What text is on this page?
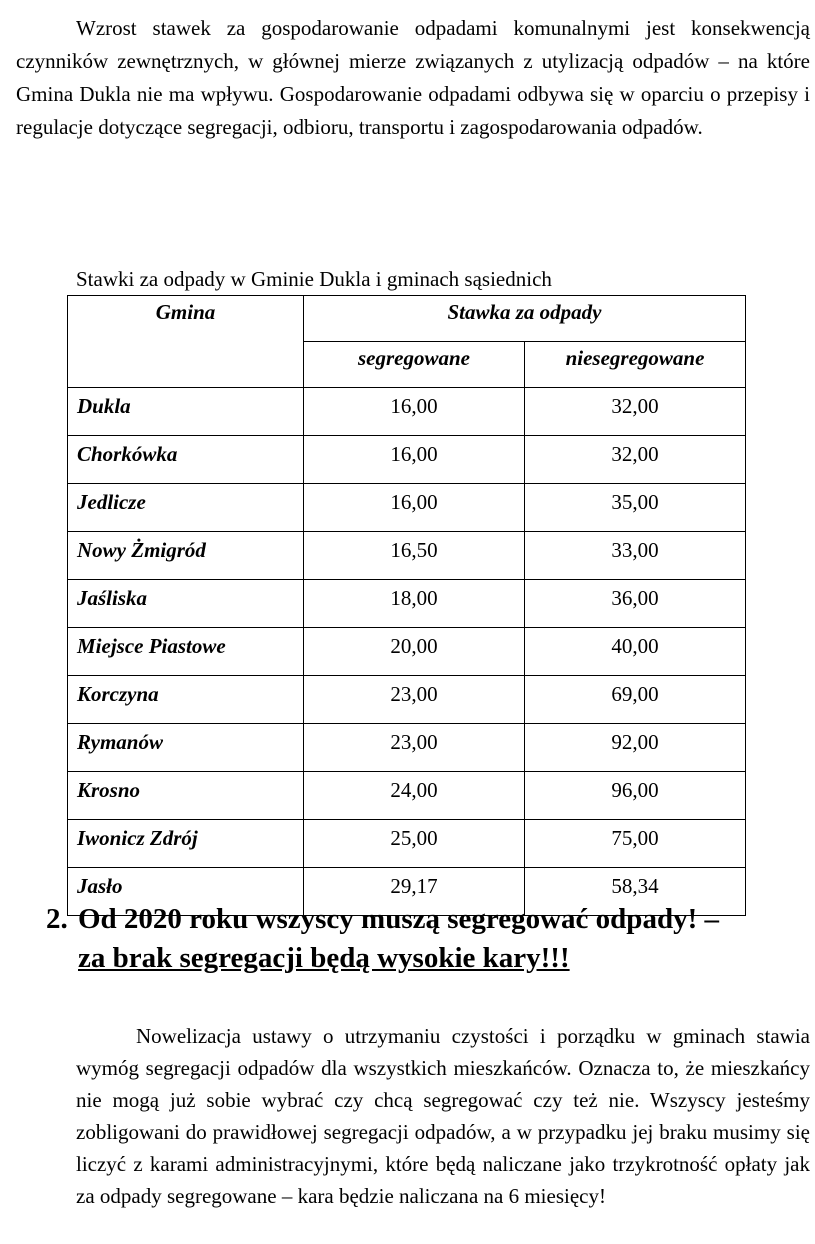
Wzrost stawek za gospodarowanie odpadami komunalnymi jest konsekwencją czynników zewnętrznych, w głównej mierze związanych z utylizacją odpadów – na które Gmina Dukla nie ma wpływu. Gospodarowanie odpadami odbywa się w oparciu o przepisy i regulacje dotyczące segregacji, odbioru, transportu i zagospodarowania odpadów.

Stawki za odpady w Gminie Dukla i gminach sąsiednich

Gmina	Stawka za odpady	
	segregowane	niesegregowane
Dukla	16,00	32,00
Chorkówka	16,00	32,00
Jedlicze	16,00	35,00
Nowy Żmigród	16,50	33,00
Jaśliska	18,00	36,00
Miejsce Piastowe	20,00	40,00
Korczyna	23,00	69,00
Rymanów	23,00	92,00
Krosno	24,00	96,00
Iwonicz Zdrój	25,00	75,00
Jasło	29,17	58,34
2. Od 2020 roku wszyscy muszą segregować odpady! –
za brak segregacji będą wysokie kary!!!

Nowelizacja ustawy o utrzymaniu czystości i porządku w gminach stawia wymóg segregacji odpadów dla wszystkich mieszkańców. Oznacza to, że mieszkańcy nie mogą już sobie wybrać czy chcą segregować czy też nie. Wszyscy jesteśmy zobligowani do prawidłowej segregacji odpadów, a w przypadku jej braku musimy się liczyć z karami administracyjnymi, które będą naliczane jako trzykrotność opłaty jak za odpady segregowane – kara będzie naliczana na 6 miesięcy!
